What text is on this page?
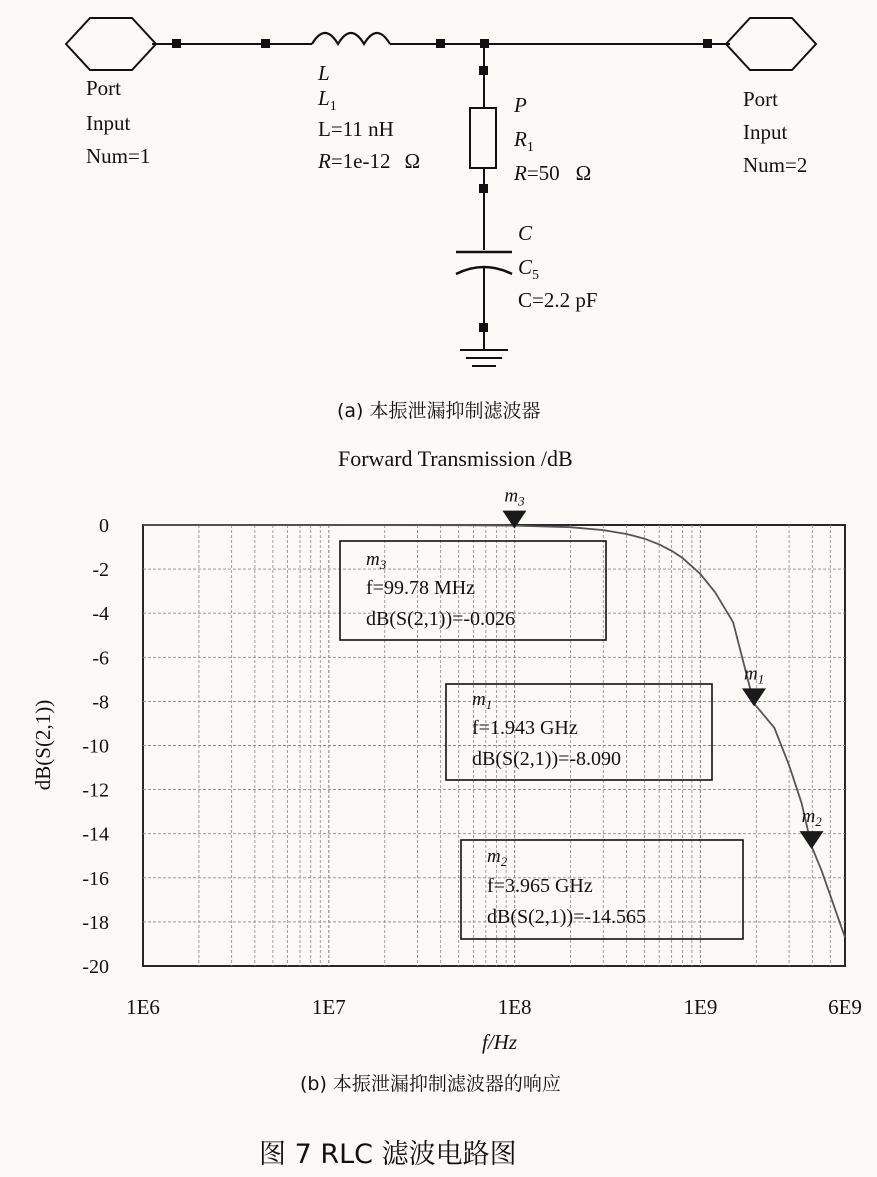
Port
Input
Num=1
Port
Input
Num=2
L
$L_1$
L=11 nH
R=1e-12 Ω
P
$R_1$
R=50 Ω
C
$C_5$
C=2.2 pF
(a) 本振泄漏抑制滤波器
Forward Transmission /dB
0
-2
-4
-6
-8
-10
-12
-14
-16
-18
-20
1E6	1E7	1E8	1E9	6E9
$m_3$
$m_1$
$m_2$
$m_3$
f=99.78 MHz
dB(S(2,1))=-0.026
$m_1$
f=1.943 GHz
dB(S(2,1))=-8.090
$m_2$
f=3.965 GHz
dB(S(2,1))=-14.565
dB(S(2,1))
f/Hz
(b) 本振泄漏抑制滤波器的响应
图 7 RLC 滤波电路图
